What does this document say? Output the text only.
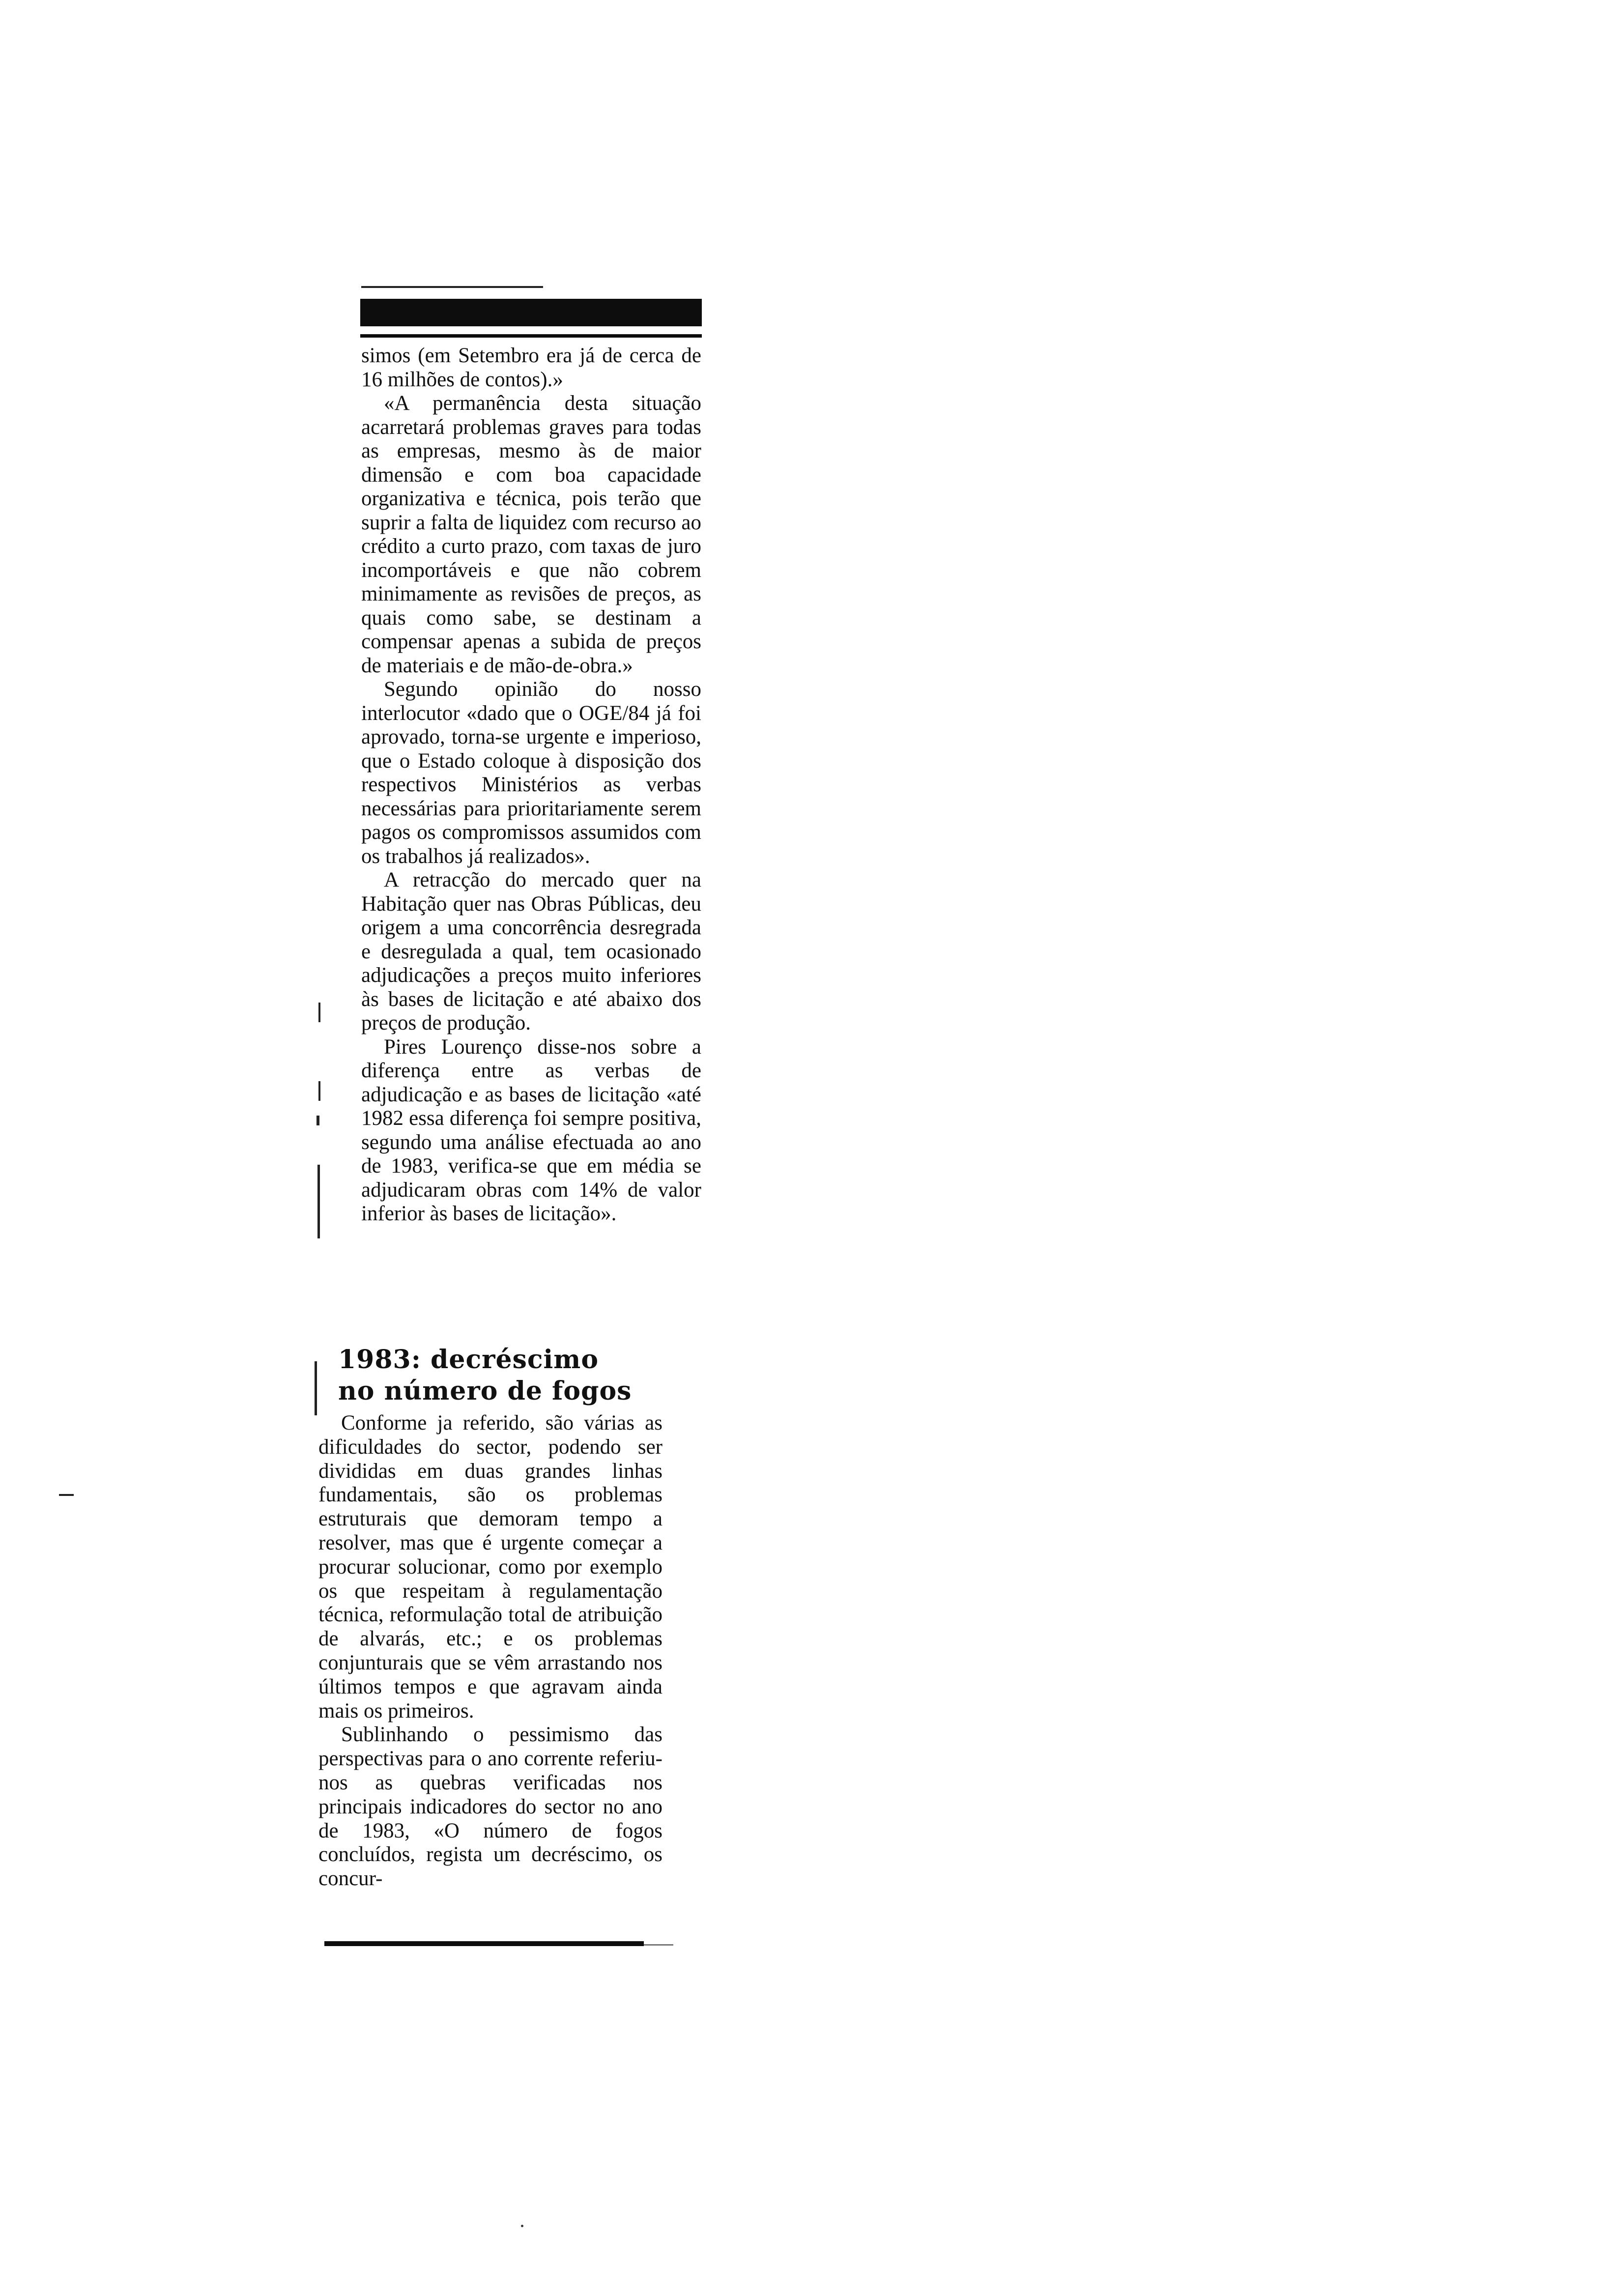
simos (em Setembro era já de cerca de 16 milhões de contos).»

«A permanência desta situação acarretará problemas graves para todas as empresas, mesmo às de maior dimensão e com boa capacidade organizativa e técnica, pois terão que suprir a falta de liquidez com recurso ao crédito a curto prazo, com taxas de juro incomportáveis e que não cobrem minimamente as revisões de preços, as quais como sabe, se destinam a compensar apenas a subida de preços de materiais e de mão-de-obra.»

Segundo opinião do nosso interlocutor «dado que o OGE/84 já foi aprovado, torna-se urgente e imperioso, que o Estado coloque à disposição dos respectivos Ministérios as verbas necessárias para prioritariamente serem pagos os compromissos assumidos com os trabalhos já realizados».

A retracção do mercado quer na Habitação quer nas Obras Públicas, deu origem a uma concorrência desregrada e desregulada a qual, tem ocasionado adjudicações a preços muito inferiores às bases de licitação e até abaixo dos preços de produção.

Pires Lourenço disse-nos sobre a diferença entre as verbas de adjudicação e as bases de licitação «até 1982 essa diferença foi sempre positiva, segundo uma análise efectuada ao ano de 1983, verifica-se que em média se adjudicaram obras com 14% de valor inferior às bases de licitação».

1983: decréscimo
no número de fogos

Conforme ja referido, são várias as dificuldades do sector, podendo ser divididas em duas grandes linhas fundamentais, são os problemas estruturais que demoram tempo a resolver, mas que é urgente começar a procurar solucionar, como por exemplo os que respeitam à regulamentação técnica, reformulação total de atribuição de alvarás, etc.; e os problemas conjunturais que se vêm arrastando nos últimos tempos e que agravam ainda mais os primeiros.

Sublinhando o pessimismo das perspectivas para o ano corrente referiu-nos as quebras verificadas nos principais indicadores do sector no ano de 1983, «O número de fogos concluídos, regista um decréscimo, os concur-
